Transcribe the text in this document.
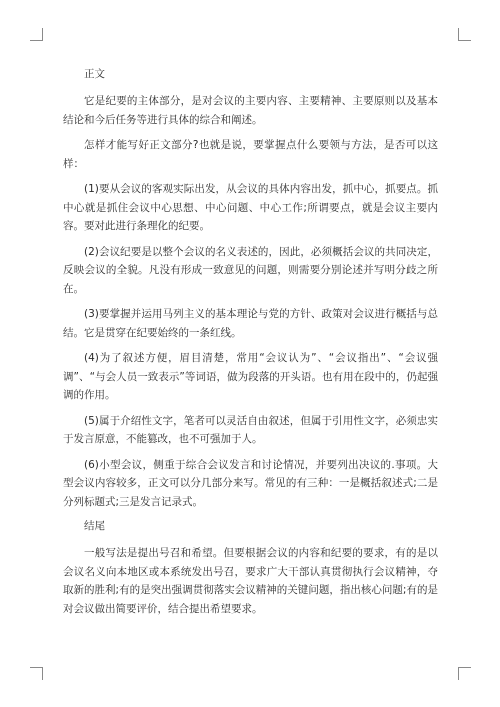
正文

它是纪要的主体部分，是对会议的主要内容、主要精神、主要原则以及基本结论和今后任务等进行具体的综合和阐述。

怎样才能写好正文部分?也就是说，要掌握点什么要领与方法，是否可以这样：

(1)要从会议的客观实际出发，从会议的具体内容出发，抓中心，抓要点。抓中心就是抓住会议中心思想、中心问题、中心工作;所谓要点，就是会议主要内容。要对此进行条理化的纪要。

(2)会议纪要是以整个会议的名义表述的，因此，必须概括会议的共同决定，反映会议的全貌。凡没有形成一致意见的问题，则需要分别论述并写明分歧之所在。

(3)要掌握并运用马列主义的基本理论与党的方针、政策对会议进行概括与总结。它是贯穿在纪要始终的一条红线。

(4)为了叙述方便，眉目清楚，常用“会议认为”、“会议指出”、“会议强调”、“与会人员一致表示”等词语，做为段落的开头语。也有用在段中的，仍起强调的作用。

(5)属于介绍性文字，笔者可以灵活自由叙述，但属于引用性文字，必须忠实于发言原意，不能篡改，也不可强加于人。

(6)小型会议，侧重于综合会议发言和讨论情况，并要列出决议的.事项。大型会议内容较多，正文可以分几部分来写。常见的有三种：一是概括叙述式;二是分列标题式;三是发言记录式。

结尾

一般写法是提出号召和希望。但要根据会议的内容和纪要的要求，有的是以会议名义向本地区或本系统发出号召，要求广大干部认真贯彻执行会议精神，夺取新的胜利;有的是突出强调贯彻落实会议精神的关键问题，指出核心问题;有的是对会议做出简要评价，结合提出希望要求。
